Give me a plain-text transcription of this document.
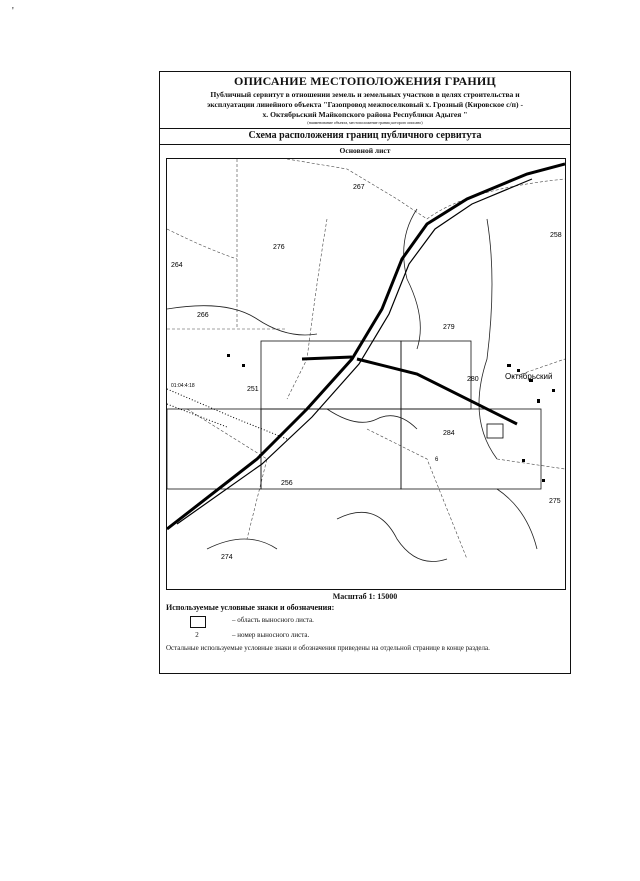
'
ОПИСАНИЕ МЕСТОПОЛОЖЕНИЯ ГРАНИЦ
Публичный сервитут в отношении земель и земельных участков в целях строительства и
эксплуатации линейного объекта "Газопровод межпоселковый х. Грозный (Кировское с/п) -
х. Октябрьский Майкопского района Республики Адыгея "
(наименование объекта, местоположение границ которого описано)
Схема расположения границ публичного сервитута
Основной лист
267
258
276
264
266
279
280	Октябрьский
01:04:4:18	251
284
6
256
275
274
Масштаб 1: 15000
Используемые условные знаки и обозначения:
– область выносного листа.
2	– номер выносного листа.
Остальные используемые условные знаки и обозначения приведены на отдельной странице в конце раздела.
